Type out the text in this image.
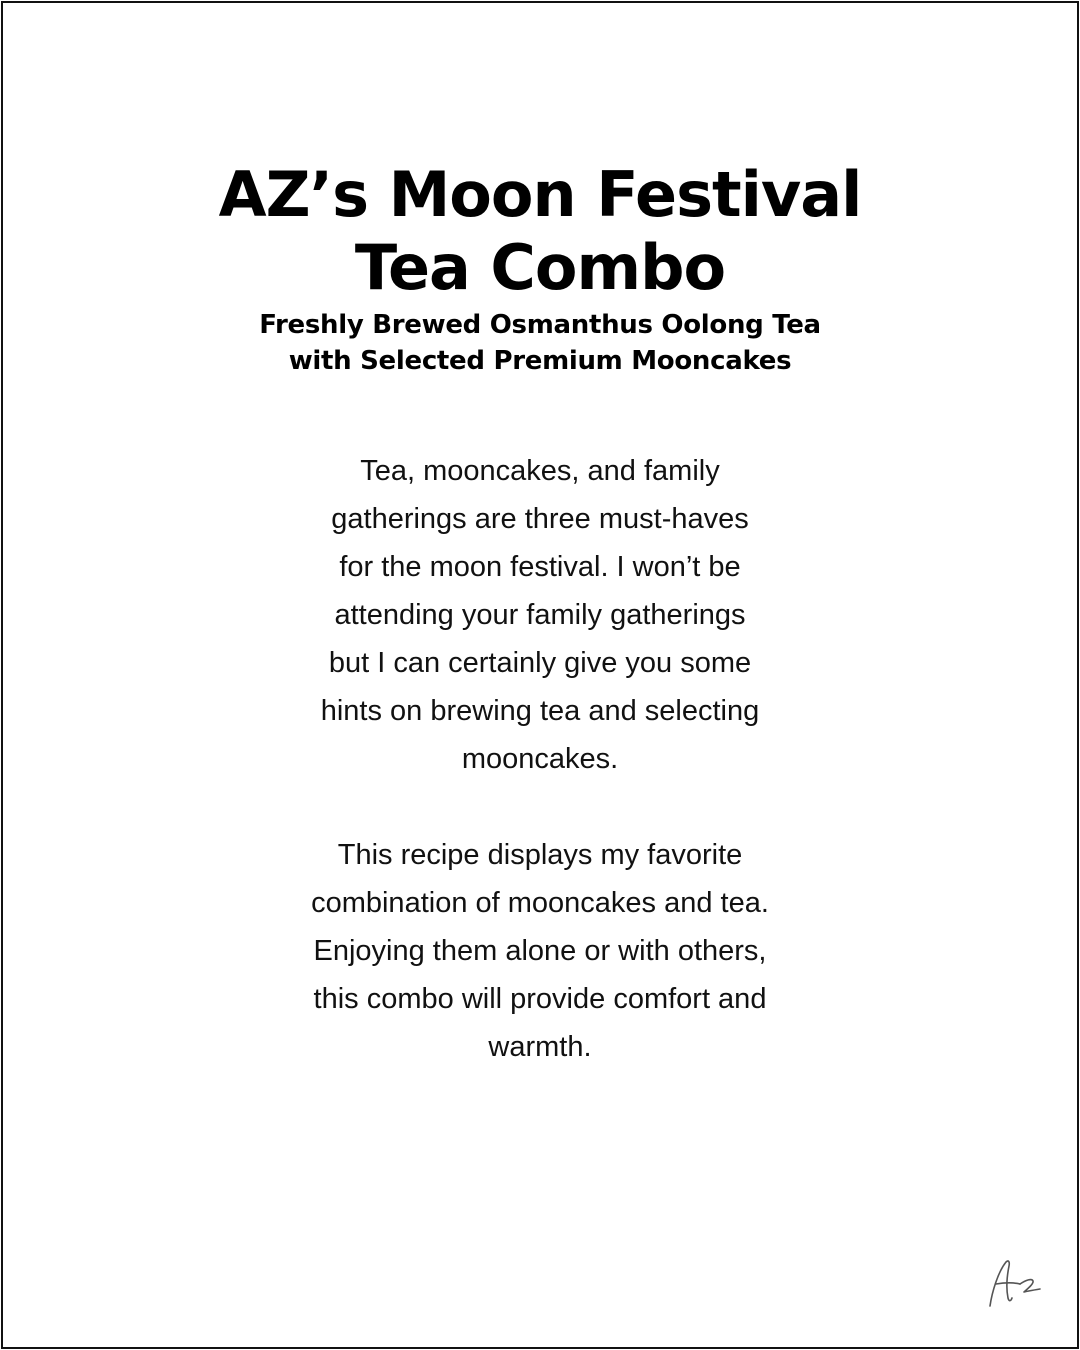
AZ’s Moon Festival
Tea Combo
Freshly Brewed Osmanthus Oolong Tea
with Selected Premium Mooncakes

Tea, mooncakes, and family
gatherings are three must-haves
for the moon festival. I won’t be
attending your family gatherings
but I can certainly give you some
hints on brewing tea and selecting
mooncakes.

This recipe displays my favorite
combination of mooncakes and tea.
Enjoying them alone or with others,
this combo will provide comfort and
warmth.
